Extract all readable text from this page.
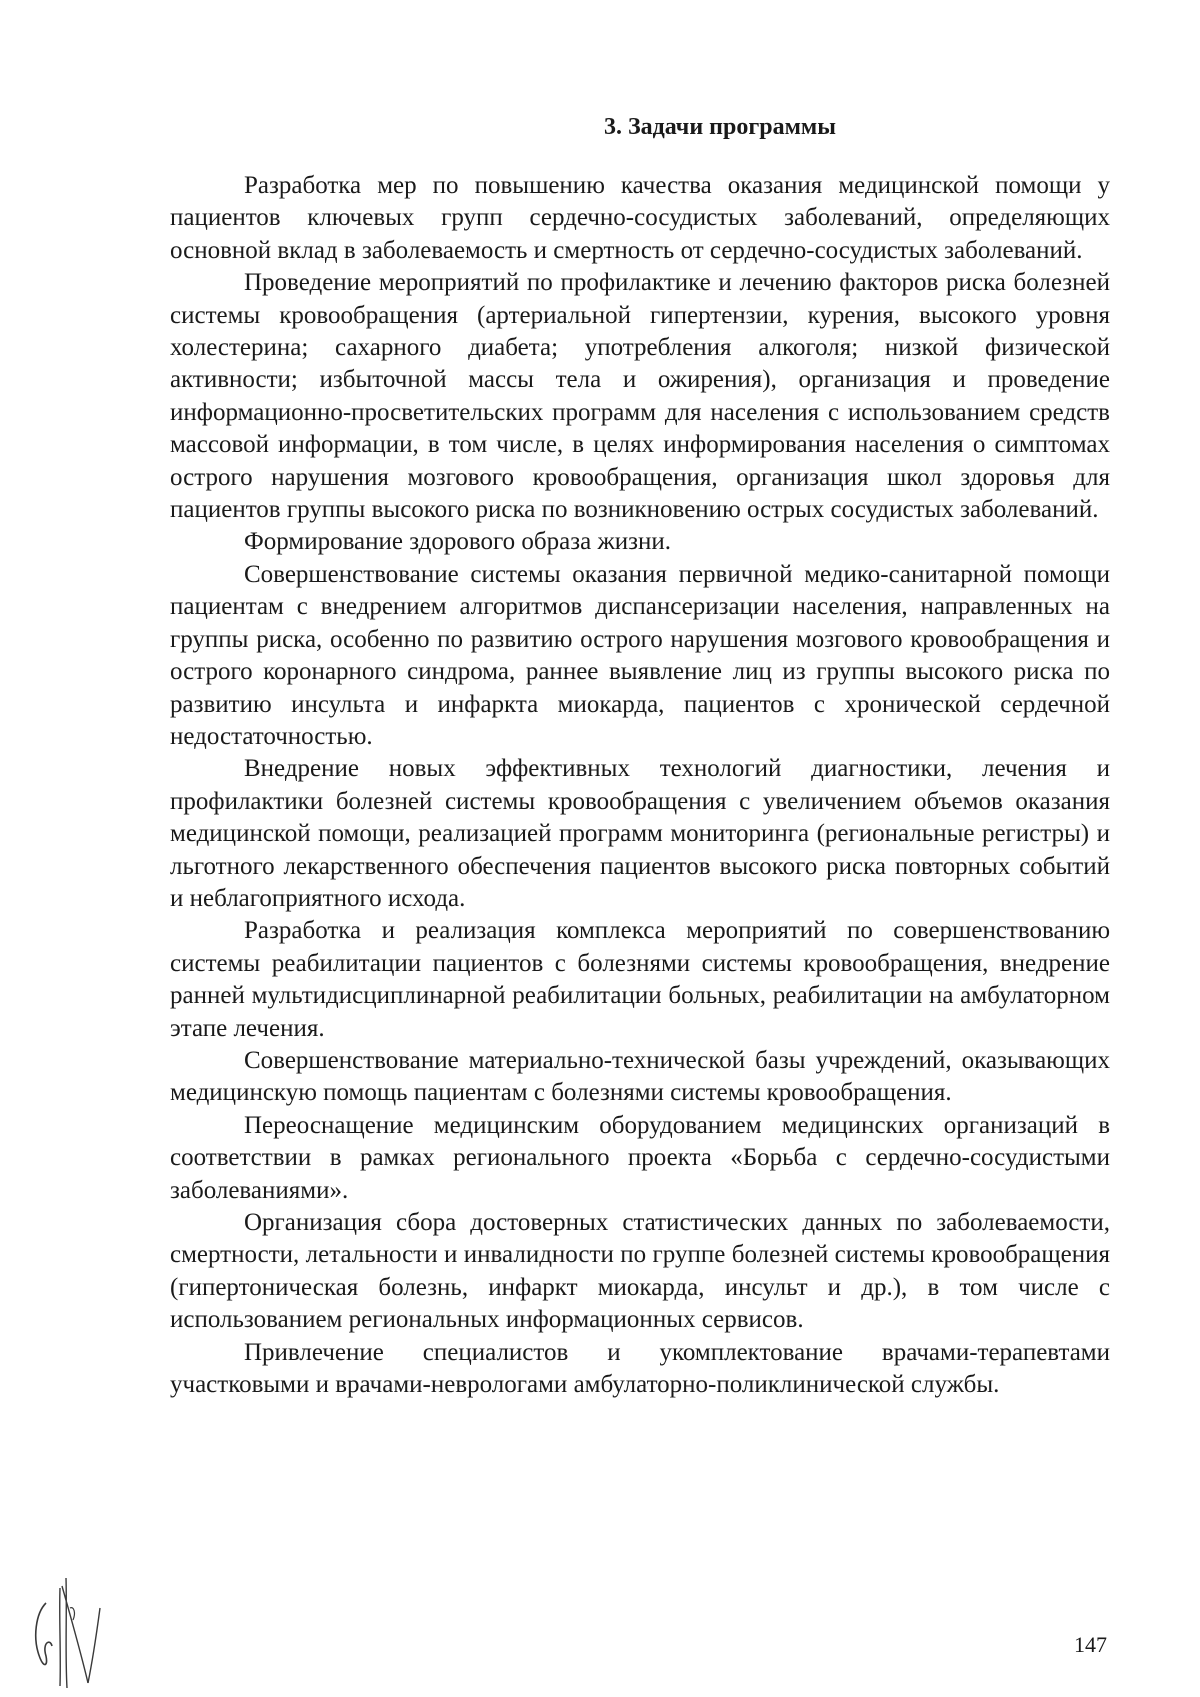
3. Задачи программы

Разработка мер по повышению качества оказания медицинской помощи у пациентов ключевых групп сердечно-сосудистых заболеваний, определяющих основной вклад в заболеваемость и смертность от сердечно-сосудистых заболеваний.

Проведение мероприятий по профилактике и лечению факторов риска болезней системы кровообращения (артериальной гипертензии, курения, высокого уровня холестерина; сахарного диабета; употребления алкоголя; низкой физической активности; избыточной массы тела и ожирения), организация и проведение информационно-просветительских программ для населения с использованием средств массовой информации, в том числе, в целях информирования населения о симптомах острого нарушения мозгового кровообращения, организация школ здоровья для пациентов группы высокого риска по возникновению острых сосудистых заболеваний.

Формирование здорового образа жизни.

Совершенствование системы оказания первичной медико-санитарной помощи пациентам с внедрением алгоритмов диспансеризации населения, направленных на группы риска, особенно по развитию острого нарушения мозгового кровообращения и острого коронарного синдрома, раннее выявление лиц из группы высокого риска по развитию инсульта и инфаркта миокарда, пациентов с хронической сердечной недостаточностью.

Внедрение новых эффективных технологий диагностики, лечения и профилактики болезней системы кровообращения с увеличением объемов оказания медицинской помощи, реализацией программ мониторинга (региональные регистры) и льготного лекарственного обеспечения пациентов высокого риска повторных событий и неблагоприятного исхода.

Разработка и реализация комплекса мероприятий по совершенствованию системы реабилитации пациентов с болезнями системы кровообращения, внедрение ранней мультидисциплинарной реабилитации больных, реабилитации на амбулаторном этапе лечения.

Совершенствование материально-технической базы учреждений, оказывающих медицинскую помощь пациентам с болезнями системы кровообращения.

Переоснащение медицинским оборудованием медицинских организаций в соответствии в рамках регионального проекта «Борьба с сердечно-сосудистыми заболеваниями».

Организация сбора достоверных статистических данных по заболеваемости, смертности, летальности и инвалидности по группе болезней системы кровообращения (гипертоническая болезнь, инфаркт миокарда, инсульт и др.), в том числе с использованием региональных информационных сервисов.

Привлечение специалистов и укомплектование врачами-терапевтами участковыми и врачами-неврологами амбулаторно-поликлинической службы.

147
